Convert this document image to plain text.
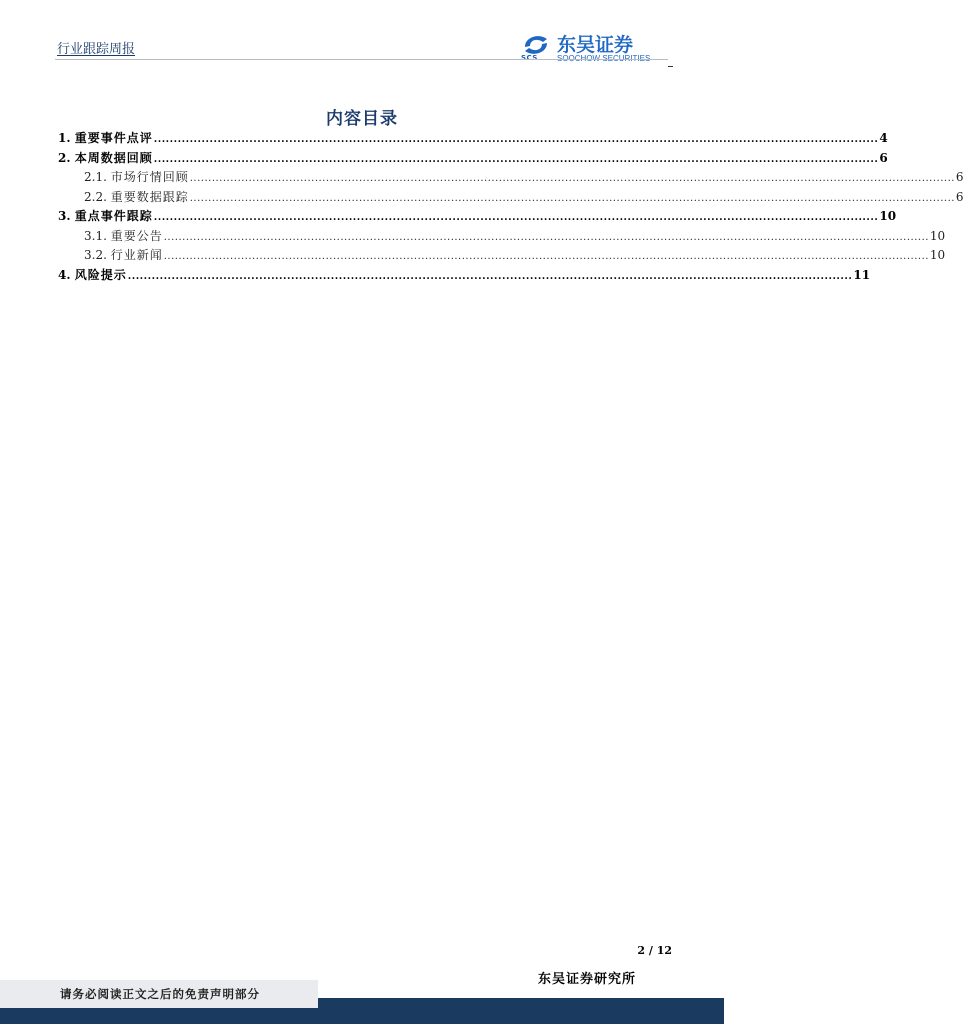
行业跟踪周报
SCS
东吴证券
SOOCHOW SECURITIES
内容目录
1.
重要事件点评 ...................................................................................................................................................................................... 4
2.
本周数据回顾 ...................................................................................................................................................................................... 6
2.1.
市场行情回顾 ................................................................................................................................................................................................................ 6
2.2.
重要数据跟踪 ................................................................................................................................................................................................................ 6
3.
重点事件跟踪 ...................................................................................................................................................................................... 10
3.1.
重要公告 ................................................................................................................................................................................................................ 10
3.2.
行业新闻 ................................................................................................................................................................................................................ 10
4.
风险提示 ...................................................................................................................................................................................... 11
2 / 12
东吴证券研究所
请务必阅读正文之后的免责声明部分
